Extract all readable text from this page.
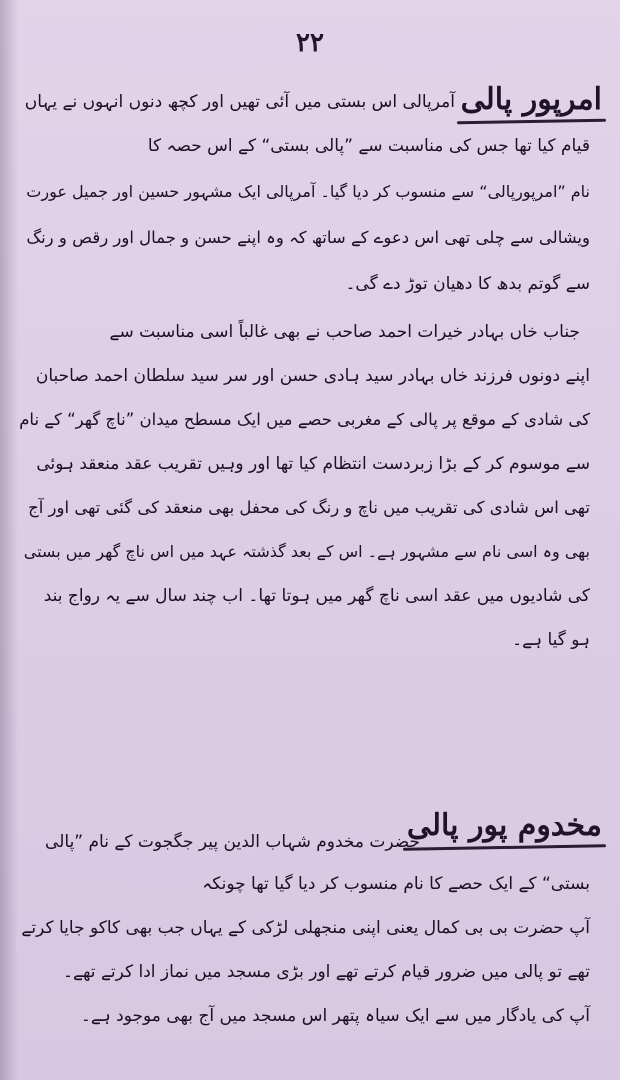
۲۲
امرپور پالی
آمرپالی اس بستی میں آئی تھیں اور کچھ دنوں انہوں نے یہاں
قیام کیا تھا جس کی مناسبت سے ”پالی بستی“ کے اس حصہ کا
نام ”امرپورپالی“ سے منسوب کر دیا گیا۔ آمرپالی ایک مشہور حسین اور جمیل عورت
ویشالی سے چلی تھی اس دعوے کے ساتھ کہ وہ اپنے حسن و جمال اور رقص و رنگ
سے گوتم بدھ کا دھیان توڑ دے گی۔
جناب خاں بہادر خیرات احمد صاحب نے بھی غالباً اسی مناسبت سے
اپنے دونوں فرزند خاں بہادر سید ہادی حسن اور سر سید سلطان احمد صاحبان
کی شادی کے موقع پر پالی کے مغربی حصے میں ایک مسطح میدان ”ناچ گھر“ کے نام
سے موسوم کر کے بڑا زبردست انتظام کیا تھا اور وہیں تقریب عقد منعقد ہوئی
تھی اس شادی کی تقریب میں ناچ و رنگ کی محفل بھی منعقد کی گئی تھی اور آج
بھی وہ اسی نام سے مشہور ہے۔ اس کے بعد گذشتہ عہد میں اس ناچ گھر میں بستی
کی شادیوں میں عقد اسی ناچ گھر میں ہوتا تھا۔ اب چند سال سے یہ رواج بند
ہو گیا ہے۔
مخدوم پور پالی
حضرت مخدوم شہاب الدین پیر جگجوت کے نام ”پالی
بستی“ کے ایک حصے کا نام منسوب کر دیا گیا تھا چونکہ
آپ حضرت بی بی کمال یعنی اپنی منجھلی لڑکی کے یہاں جب بھی کاکو جایا کرتے
تھے تو پالی میں ضرور قیام کرتے تھے اور بڑی مسجد میں نماز ادا کرتے تھے۔
آپ کی یادگار میں سے ایک سیاہ پتھر اس مسجد میں آج بھی موجود ہے۔
